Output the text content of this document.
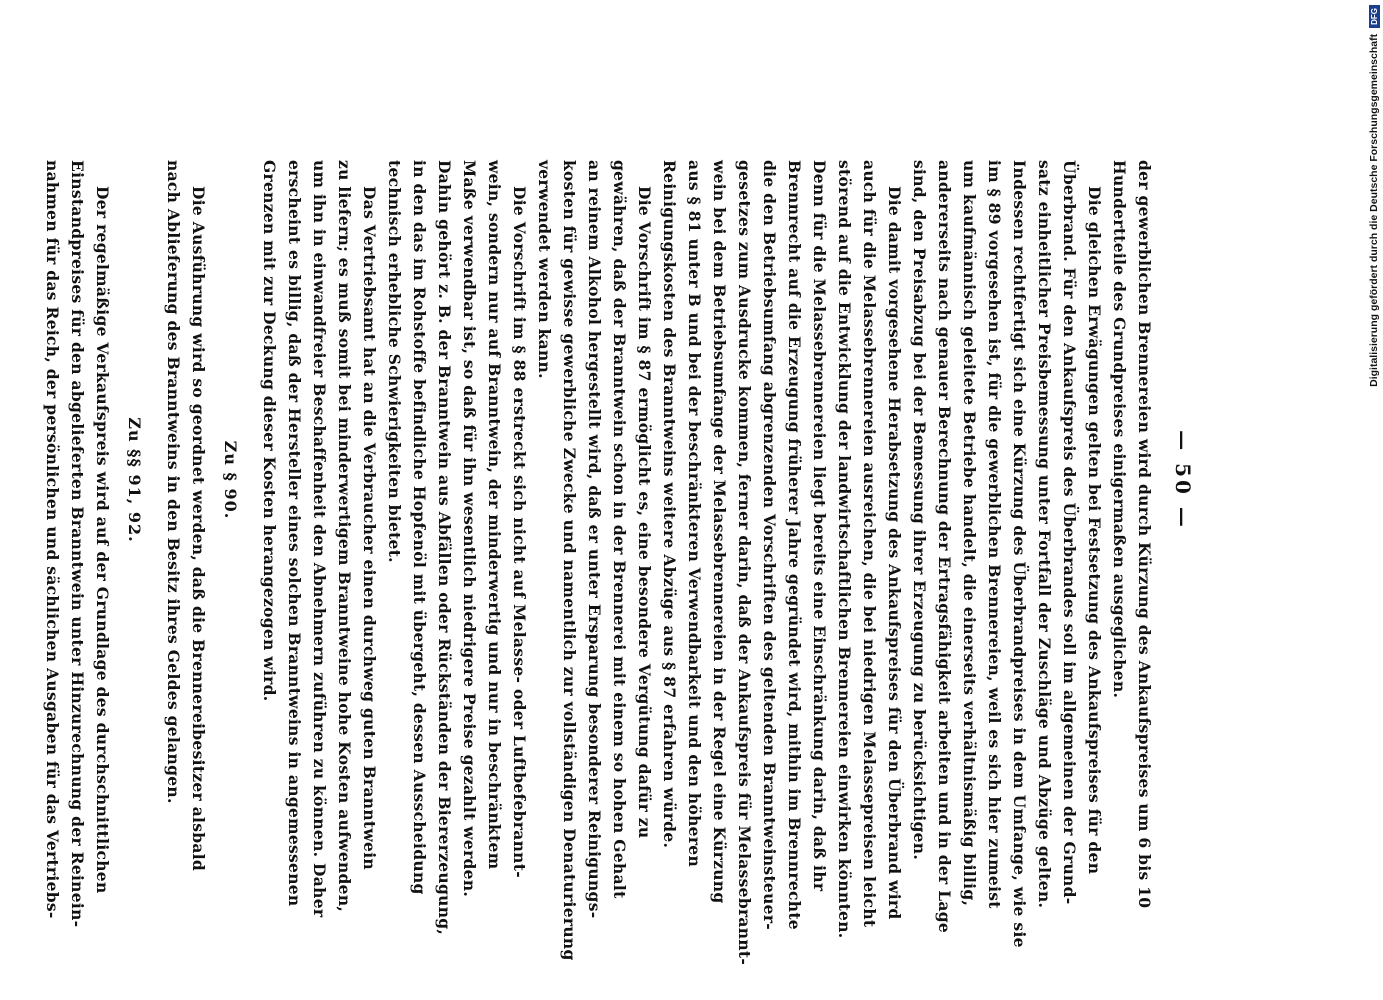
— 50 —
der gewerblichen Brennereien wird durch Kürzung des Ankaufspreises um 6 bis 10
Hundertteile des Grundpreises einigermaßen ausgeglichen.
Die gleichen Erwägungen gelten bei Festsetzung des Ankaufspreises für den
Überbrand. Für den Ankaufspreis des Überbrandes soll im allgemeinen der Grund-
satz einheitlicher Preisbemessung unter Fortfall der Zuschläge und Abzüge gelten.
Indessen rechtfertigt sich eine Kürzung des Überbrandpreises in dem Umfange, wie sie
im § 89 vorgesehen ist, für die gewerblichen Brennereien, weil es sich hier zumeist
um kaufmännisch geleitete Betriebe handelt, die einerseits verhältnismäßig billig,
andererseits nach genauer Berechnung der Ertragsfähigkeit arbeiten und in der Lage
sind, den Preisabzug bei der Bemessung ihrer Erzeugung zu berücksichtigen.
Die damit vorgesehene Herabsetzung des Ankaufspreises für den Überbrand wird
auch für die Melassebrennereien ausreichen, die bei niedrigen Melassepreisen leicht
störend auf die Entwicklung der landwirtschaftlichen Brennereien einwirken könnten.
Denn für die Melassebrennereien liegt bereits eine Einschränkung darin, daß ihr
Brennrecht auf die Erzeugung früherer Jahre gegründet wird, mithin im Brennrechte
die den Betriebsumfang abgrenzenden Vorschriften des geltenden Branntweinsteuer-
gesetzes zum Ausdrucke kommen, ferner darin, daß der Ankaufspreis für Melassebrannt-
wein bei dem Betriebsumfange der Melassebrennereien in der Regel eine Kürzung
aus § 81 unter B und bei der beschränkteren Verwendbarkeit und den höheren
Reinigungskosten des Branntweins weitere Abzüge aus § 87 erfahren würde.
Die Vorschrift im § 87 ermöglicht es, eine besondere Vergütung dafür zu
gewähren, daß der Branntwein schon in der Brennerei mit einem so hohen Gehalt
an reinem Alkohol hergestellt wird, daß er unter Ersparung besonderer Reinigungs-
kosten für gewisse gewerbliche Zwecke und namentlich zur vollständigen Denaturierung
verwendet werden kann.
Die Vorschrift im § 88 erstreckt sich nicht auf Melasse- oder Luftbefebrannt-
wein, sondern nur auf Branntwein, der minderwertig und nur in beschränktem
Maße verwendbar ist, so daß für ihn wesentlich niedrigere Preise gezahlt werden.
Dahin gehört z. B. der Branntwein aus Abfällen oder Rückständen der Biererzeugung,
in den das im Rohstoffe befindliche Hopfenöl mit übergeht, dessen Ausscheidung
technisch erhebliche Schwierigkeiten bietet.
Das Vertriebsamt hat an die Verbraucher einen durchweg guten Branntwein
zu liefern; es muß somit bei minderwertigem Branntweine hohe Kosten aufwenden,
um ihn in einwandfreier Beschaffenheit den Abnehmern zuführen zu können. Daher
erscheint es billig, daß der Hersteller eines solchen Branntweins in angemessenen
Grenzen mit zur Deckung dieser Kosten herangezogen wird.
Zu § 90.
Die Ausführung wird so geordnet werden, daß die Brennereibesitzer alsbald
nach Ablieferung des Branntweins in den Besitz ihres Geldes gelangen.
Zu §§ 91, 92.
Der regelmäßige Verkaufspreis wird auf der Grundlage des durchschnittlichen
Einstandpreises für den abgelieferten Branntwein unter Hinzurechnung der Reinein-
nahmen für das Reich, der persönlichen und sächlichen Ausgaben für das Vertriebs-	Digitalisierung gefördert durch die Deutsche Forschungsgemeinschaft
DFG
